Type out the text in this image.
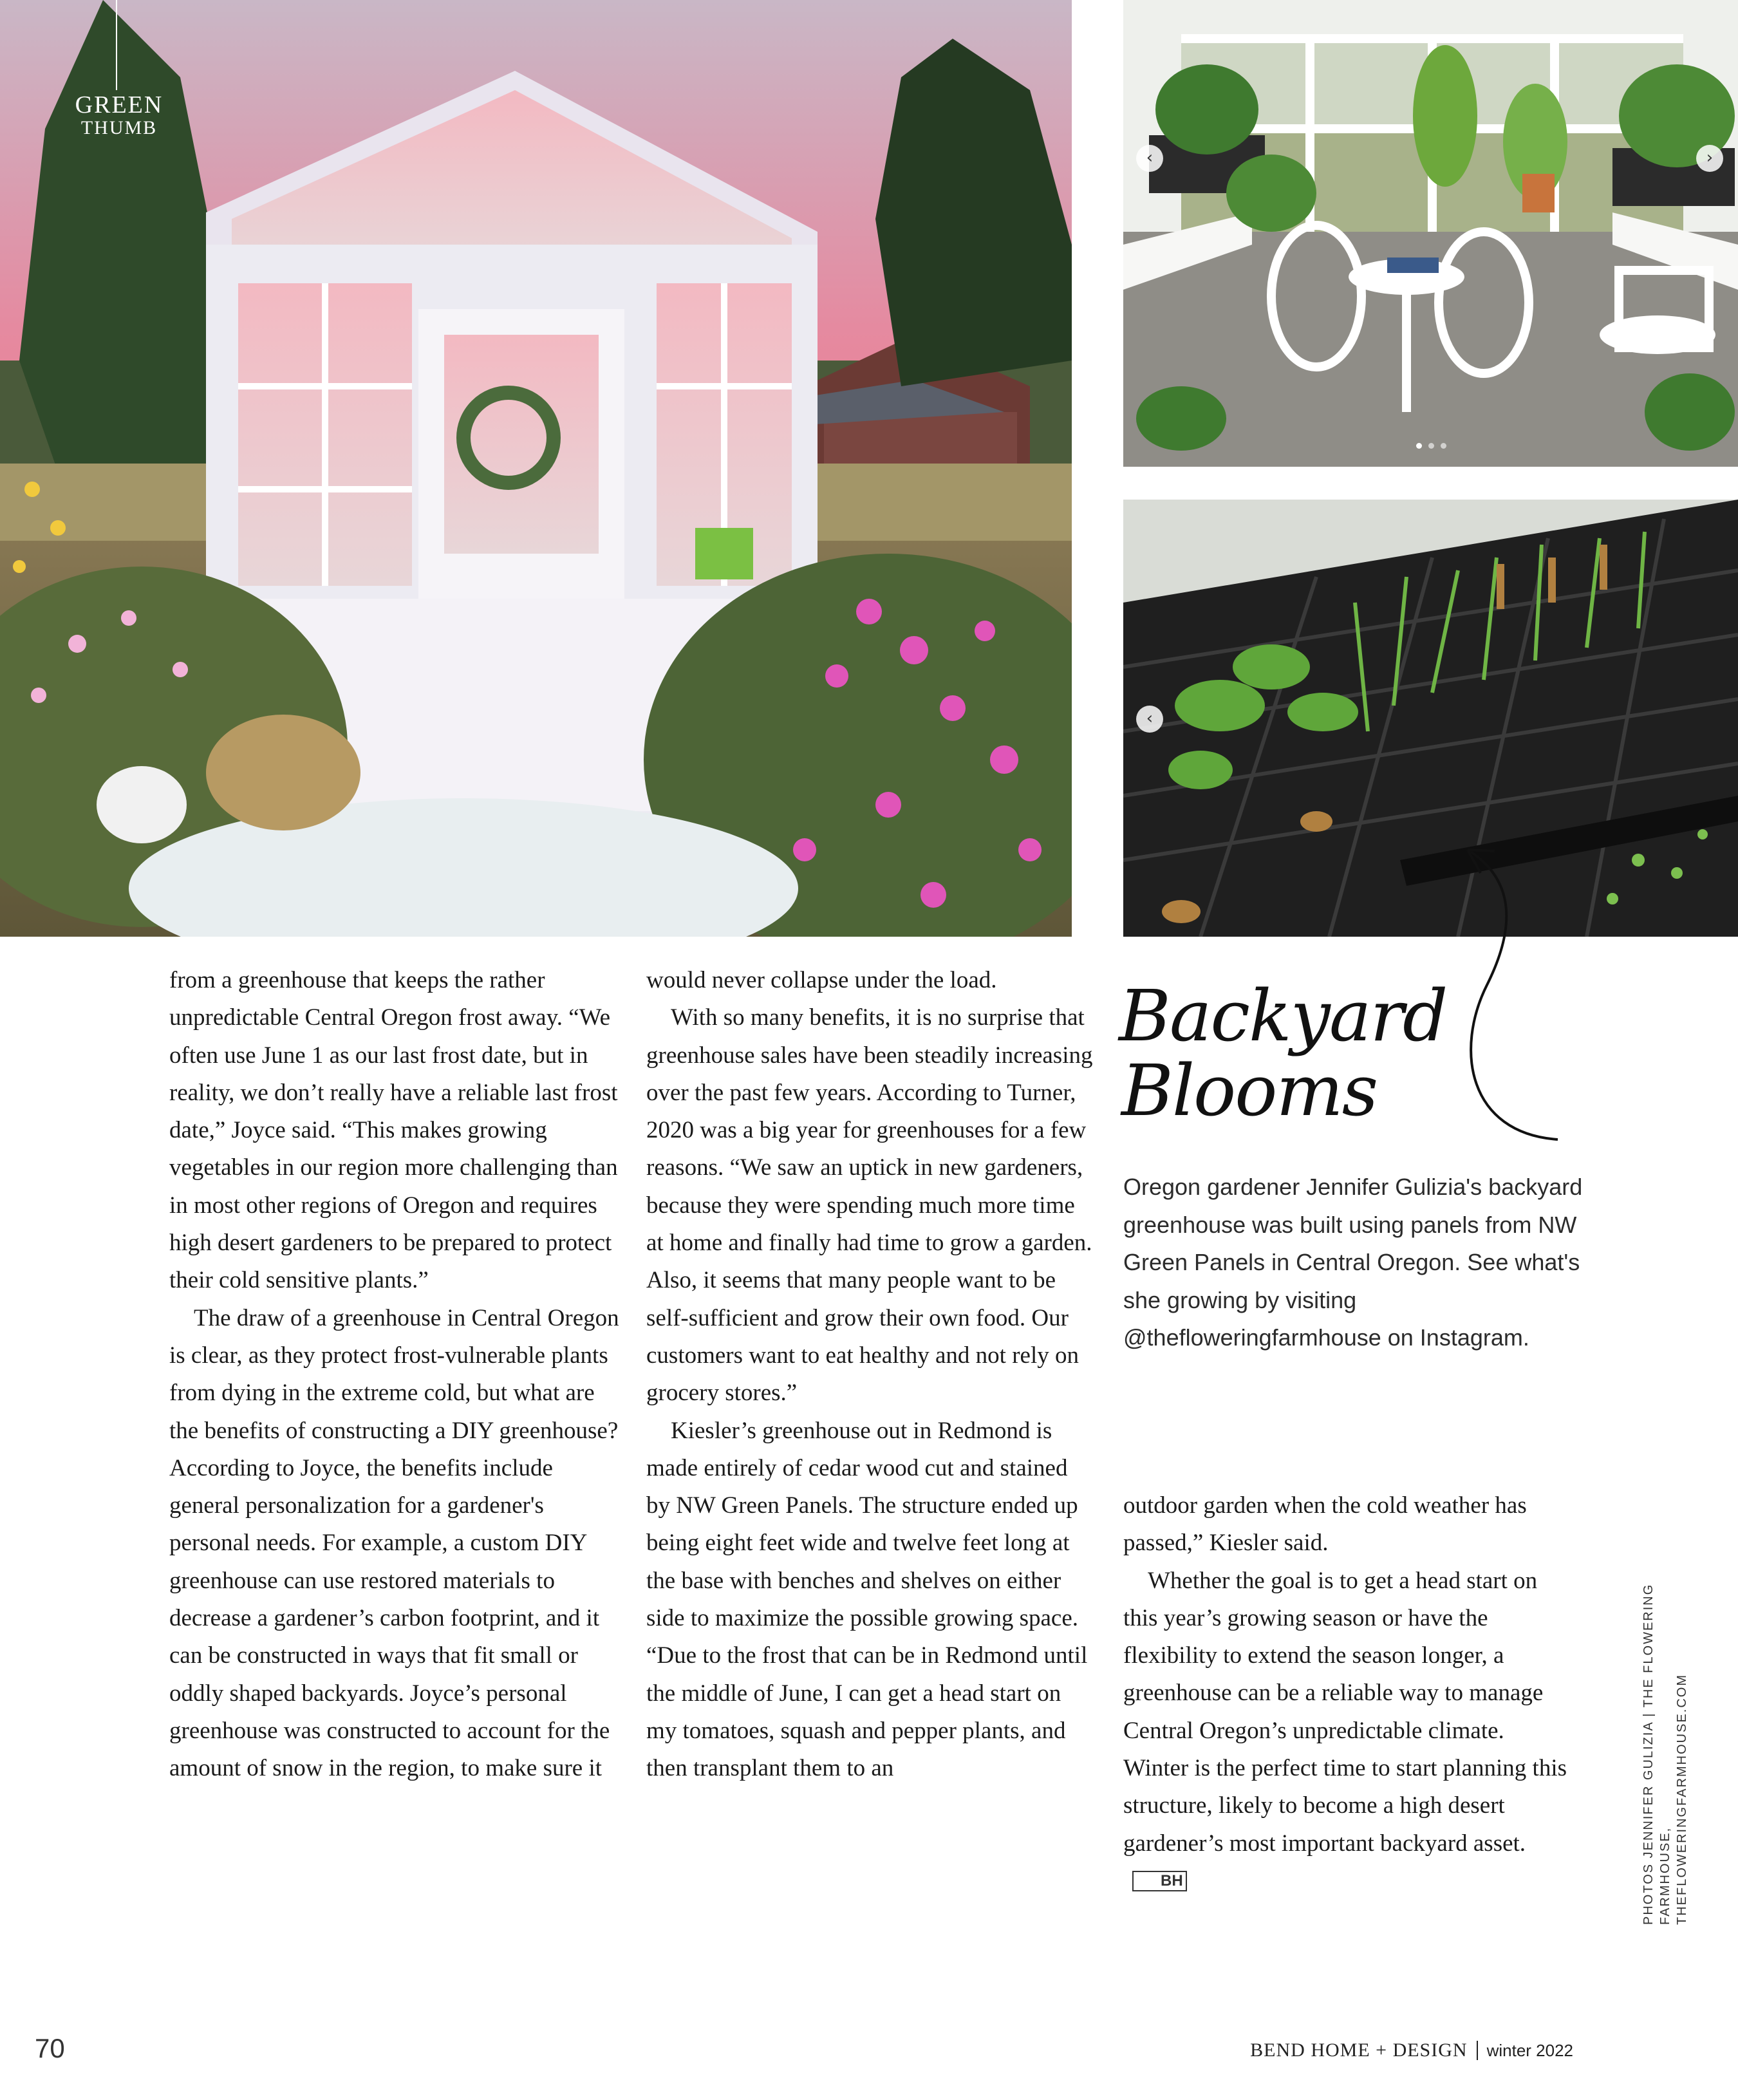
GREEN
THUMB
‹	›
‹

from a greenhouse that keeps the rather unpredictable Central Oregon frost away. “We often use June 1 as our last frost date, but in reality, we don’t really have a reliable last frost date,” Joyce said. “This makes growing vegetables in our region more challenging than in most other regions of Oregon and requires high desert gardeners to be prepared to protect their cold sensitive plants.”

The draw of a greenhouse in Central Oregon is clear, as they protect frost-vulnerable plants from dying in the extreme cold, but what are the benefits of constructing a DIY greenhouse? According to Joyce, the benefits include general personalization for a gardener's personal needs. For example, a custom DIY greenhouse can use restored materials to decrease a gardener’s carbon footprint, and it can be constructed in ways that fit small or oddly shaped backyards. Joyce’s personal greenhouse was constructed to account for the amount of snow in the region, to make sure it

would never collapse under the load.

With so many benefits, it is no surprise that greenhouse sales have been steadily increasing over the past few years. According to Turner, 2020 was a big year for greenhouses for a few reasons. “We saw an uptick in new gardeners, because they were spending much more time at home and finally had time to grow a garden. Also, it seems that many people want to be self-sufficient and grow their own food. Our customers want to eat healthy and not rely on grocery stores.”

Kiesler’s greenhouse out in Redmond is made entirely of cedar wood cut and stained by NW Green Panels. The structure ended up being eight feet wide and twelve feet long at the base with benches and shelves on either side to maximize the possible growing space. “Due to the frost that can be in Redmond until the middle of June, I can get a head start on my tomatoes, squash and pepper plants, and then transplant them to an

outdoor garden when the cold weather has passed,” Kiesler said.

Whether the goal is to get a head start on this year’s growing season or have the flexibility to extend the season longer, a greenhouse can be a reliable way to manage Central Oregon’s unpredictable climate. Winter is the perfect time to start planning this structure, likely to become a high desert gardener’s most important backyard asset.BH

Backyard
Blooms
Oregon gardener Jennifer Gulizia's backyard greenhouse was built using panels from NW Green Panels in Central Oregon. See what's she growing by visiting @thefloweringfarmhouse on Instagram.
PHOTOS JENNIFER GULIZIA | THE FLOWERING FARMHOUSE, THEFLOWERINGFARMHOUSE.COM
70	BEND HOME + DESIGN winter 2022
